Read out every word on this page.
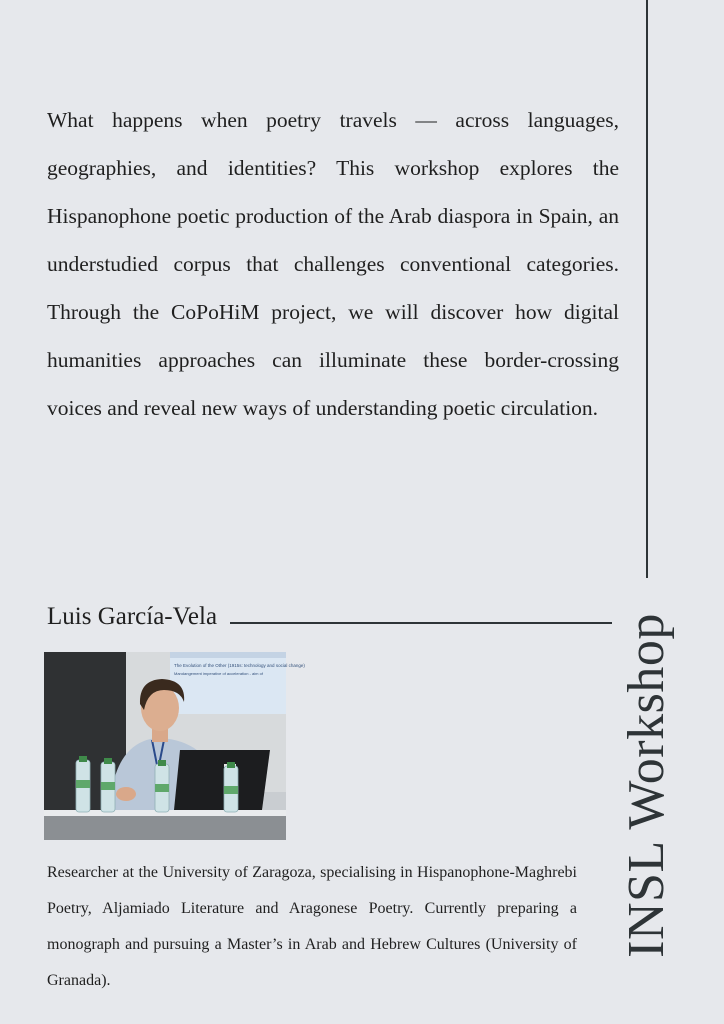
What happens when poetry travels — across languages, geographies, and identities? This workshop explores the Hispanophone poetic production of the Arab diaspora in Spain, an understudied corpus that challenges conventional categories. Through the CoPoHiM project, we will discover how digital humanities approaches can illuminate these border-crossing voices and reveal new ways of understanding poetic circulation.

INSL Workshop
Luis García-Vela
The Evolution of the Other (1915s: technology and social change)
Mandangement imperative of acceleration - aim of

Researcher at the University of Zaragoza, specialising in Hispanophone-Maghrebi Poetry, Aljamiado Literature and Aragonese Poetry. Currently preparing a monograph and pursuing a Master’s in Arab and Hebrew Cultures (University of Granada).
